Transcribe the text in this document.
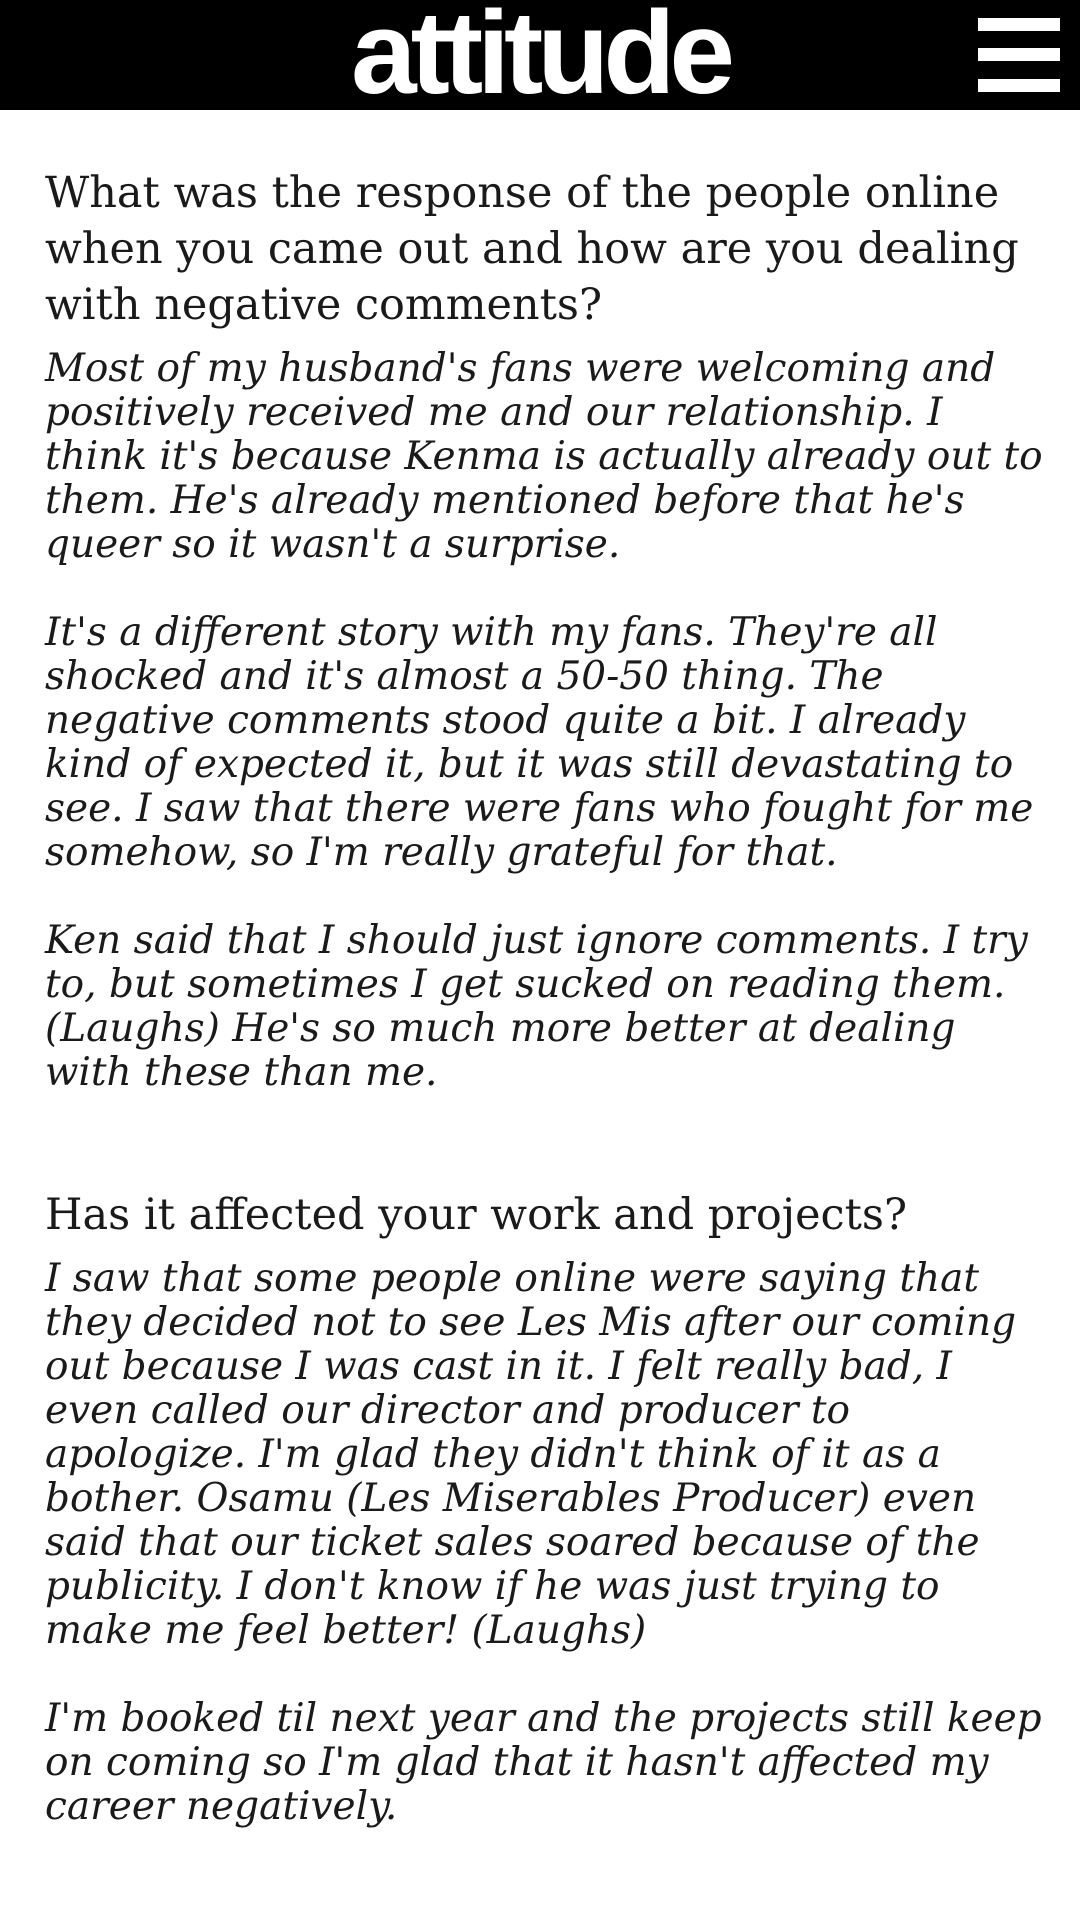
attitude
What was the response of the people online when you came out and how are you dealing with negative comments?

Most of my husband's fans were welcoming and positively received me and our relationship. I think it's because Kenma is actually already out to them. He's already mentioned before that he's queer so it wasn't a surprise.

It's a different story with my fans. They're all shocked and it's almost a 50-50 thing. The negative comments stood quite a bit. I already kind of expected it, but it was still devastating to see. I saw that there were fans who fought for me somehow, so I'm really grateful for that.

Ken said that I should just ignore comments. I try to, but sometimes I get sucked on reading them. (Laughs) He's so much more better at dealing with these than me.

Has it affected your work and projects?

I saw that some people online were saying that they decided not to see Les Mis after our coming out because I was cast in it. I felt really bad, I even called our director and producer to apologize. I'm glad they didn't think of it as a bother. Osamu (Les Miserables Producer) even said that our ticket sales soared because of the publicity. I don't know if he was just trying to make me feel better! (Laughs)

I'm booked til next year and the projects still keep on coming so I'm glad that it hasn't affected my career negatively.
